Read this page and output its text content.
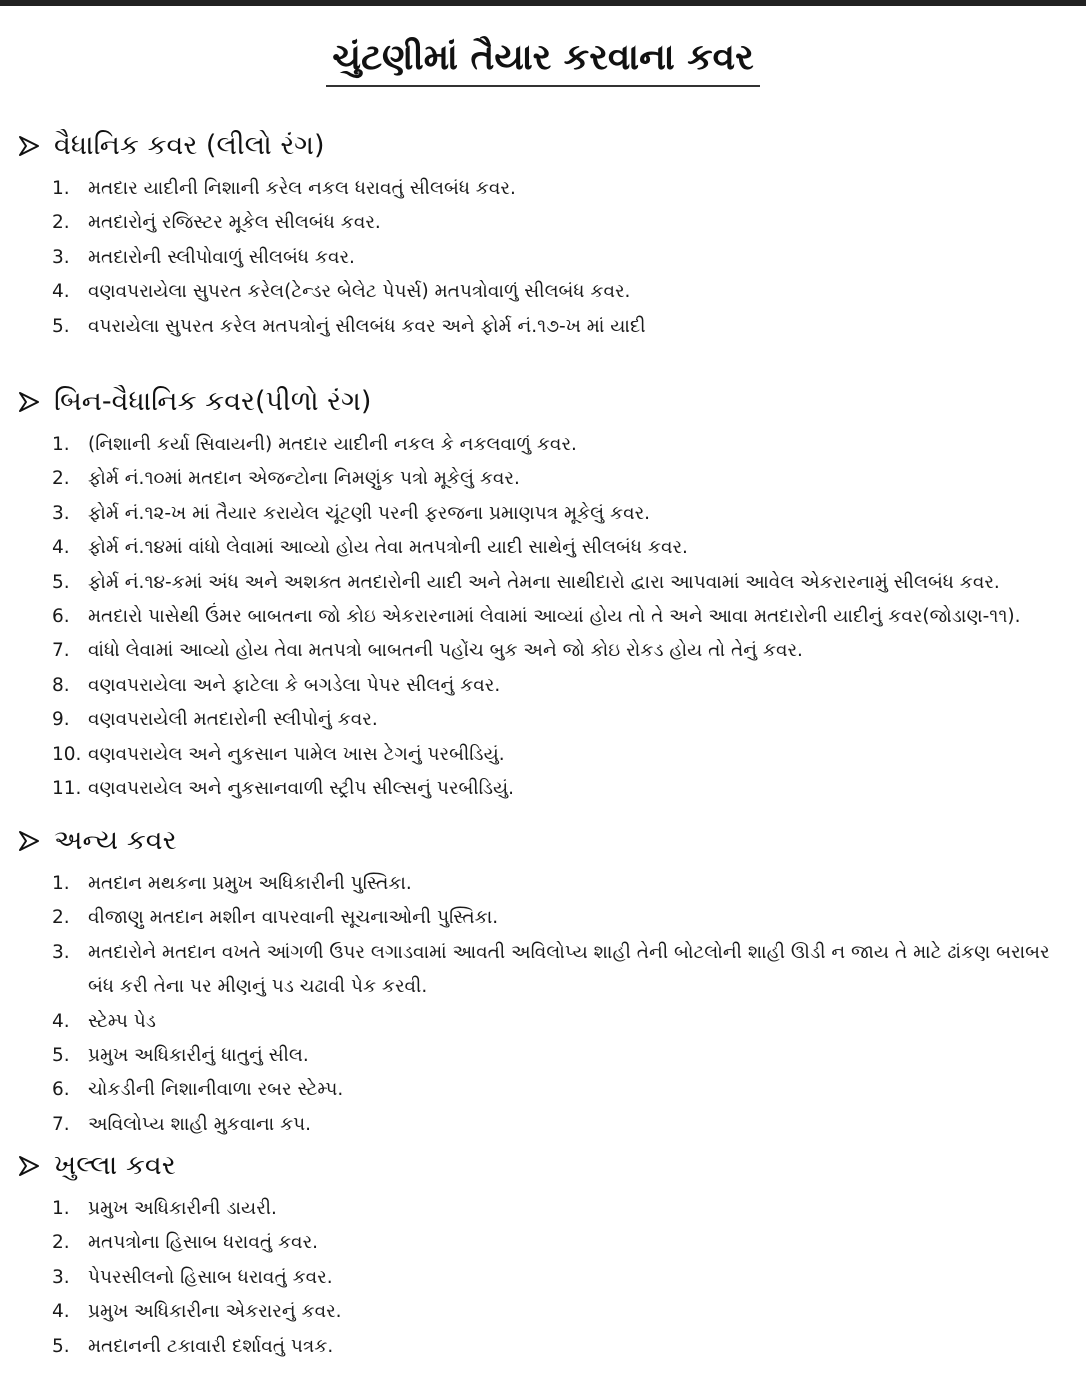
ચુંટણીમાં તૈયાર કરવાના કવર
વૈધાનિક કવર (લીલો રંગ)
1. મતદાર યાદીની નિશાની કરેલ નકલ ધરાવતું સીલબંધ કવર.
2. મતદારોનું રજિસ્ટર મૂકેલ સીલબંધ કવર.
3. મતદારોની સ્લીપોવાળું સીલબંધ કવર.
4. વણવપરાયેલા સુપરત કરેલ(ટેન્ડર બેલેટ પેપર્સ) મતપત્રોવાળું સીલબંધ કવર.
5. વપરાયેલા સુપરત કરેલ મતપત્રોનું સીલબંધ કવર અને ફોર્મ નં.૧૭-ખ માં યાદી
બિન-વૈધાનિક કવર(પીળો રંગ)
1. (નિશાની કર્યા સિવાયની) મતદાર યાદીની નકલ કે નકલવાળું કવર.
2. ફોર્મ નં.૧૦માં મતદાન એજન્ટોના નિમણુંક પત્રો મૂકેલું કવર.
3. ફોર્મ નં.૧૨-ખ માં તૈયાર કરાયેલ ચૂંટણી પરની ફરજના પ્રમાણપત્ર મૂકેલું કવર.
4. ફોર્મ નં.૧૪માં વાંધો લેવામાં આવ્યો હોય તેવા મતપત્રોની યાદી સાથેનું સીલબંધ કવર.
5. ફોર્મ નં.૧૪-કમાં અંધ અને અશક્ત મતદારોની યાદી અને તેમના સાથીદારો દ્વારા આપવામાં આવેલ એકરારનામું સીલબંધ કવર.
6. મતદારો પાસેથી ઉંમર બાબતના જો કોઇ એકરારનામાં લેવામાં આવ્યાં હોય તો તે અને આવા મતદારોની યાદીનું કવર(જોડાણ-૧૧).
7. વાંધો લેવામાં આવ્યો હોય તેવા મતપત્રો બાબતની પહોંચ બુક અને જો કોઇ રોકડ હોય તો તેનું કવર.
8. વણવપરાયેલા અને ફાટેલા કે બગડેલા પેપર સીલનું કવર.
9. વણવપરાયેલી મતદારોની સ્લીપોનું કવર.
10. વણવપરાયેલ અને નુકસાન પામેલ ખાસ ટેગનું પરબીડિયું.
11. વણવપરાયેલ અને નુકસાનવાળી સ્ટ્રીપ સીલ્સનું પરબીડિયું.
અન્ય કવર
1. મતદાન મથકના પ્રમુખ અધિકારીની પુસ્તિકા.
2. વીજાણુ મતદાન મશીન વાપરવાની સૂચનાઓની પુસ્તિકા.
3. મતદારોને મતદાન વખતે આંગળી ઉપર લગાડવામાં આવતી અવિલોપ્ય શાહી તેની બોટલોની શાહી ઊડી ન જાય તે માટે ઢાંકણ બરાબર બંધ કરી તેના પર મીણનું પડ ચઢાવી પેક કરવી.
4. સ્ટેમ્પ પેડ
5. પ્રમુખ અધિકારીનું ધાતુનું સીલ.
6. ચોકડીની નિશાનીવાળા રબર સ્ટેમ્પ.
7. અવિલોપ્ય શાહી મુકવાના કપ.
ખુલ્લા કવર
1. પ્રમુખ અધિકારીની ડાયરી.
2. મતપત્રોના હિસાબ ધરાવતું કવર.
3. પેપરસીલનો હિસાબ ધરાવતું કવર.
4. પ્રમુખ અધિકારીના એકરારનું કવર.
5. મતદાનની ટકાવારી દર્શાવતું પત્રક.
